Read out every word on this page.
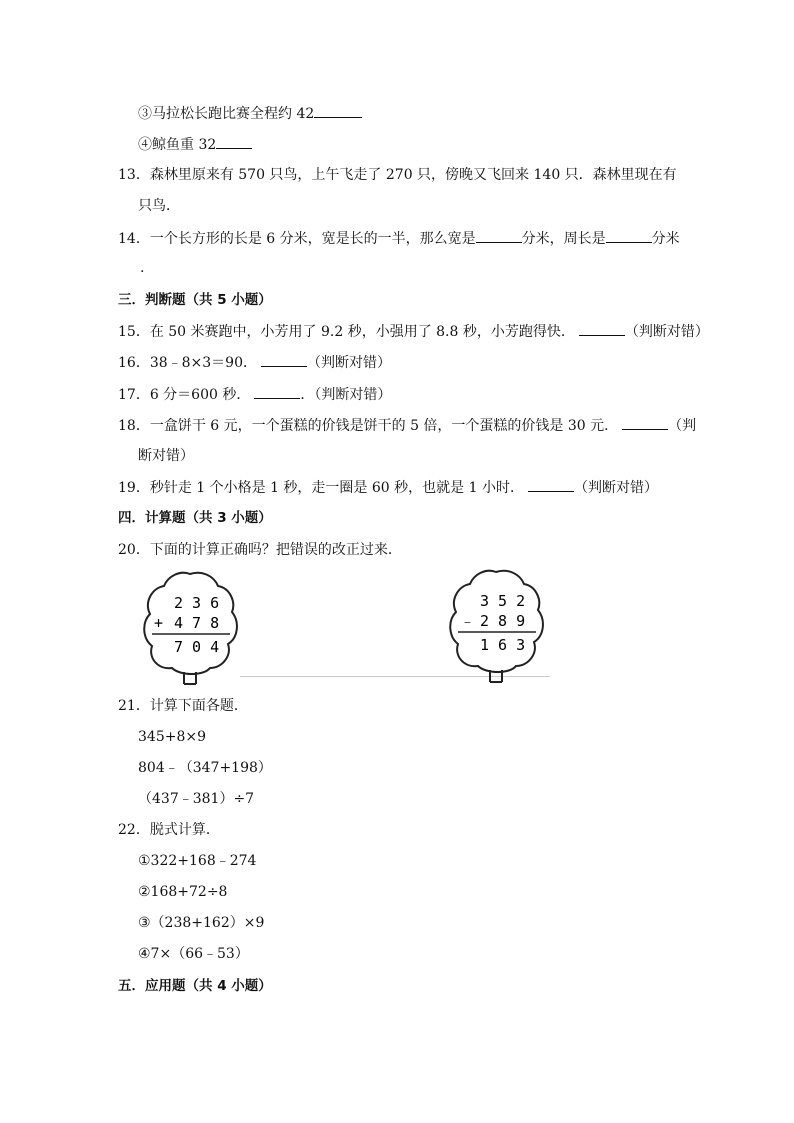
③马拉松长跑比赛全程约 42
④鲸鱼重 32
13．森林里原来有 570 只鸟，上午飞走了 270 只，傍晚又飞回来 140 只．森林里现在有
只鸟．
14．一个长方形的长是 6 分米，宽是长的一半，那么宽是	分米，周长是	分米
.
三．判断题（共 5 小题）
15．在 50 米赛跑中，小芳用了 9.2 秒，小强用了 8.8 秒，小芳跑得快．	（判断对错）
16．38﹣8×3＝90．	（判断对错）
17．6 分＝600 秒．	．（判断对错）
18．一盒饼干 6 元，一个蛋糕的价钱是饼干的 5 倍，一个蛋糕的价钱是 30 元．	（判
断对错）
19．秒针走 1 个小格是 1 秒，走一圈是 60 秒，也就是 1 小时．	（判断对错）
四．计算题（共 3 小题）
20．下面的计算正确吗？把错误的改正过来．
2 3 6
+ 4 7 8
7 0 4
3 5 2
﹣ 2 8 9
1 6 3
21．计算下面各题．
345+8×9
804﹣（347+198）
（437﹣381）÷7
22．脱式计算．
①322+168﹣274
②168+72÷8
③（238+162）×9
④7×（66﹣53）
五．应用题（共 4 小题）
